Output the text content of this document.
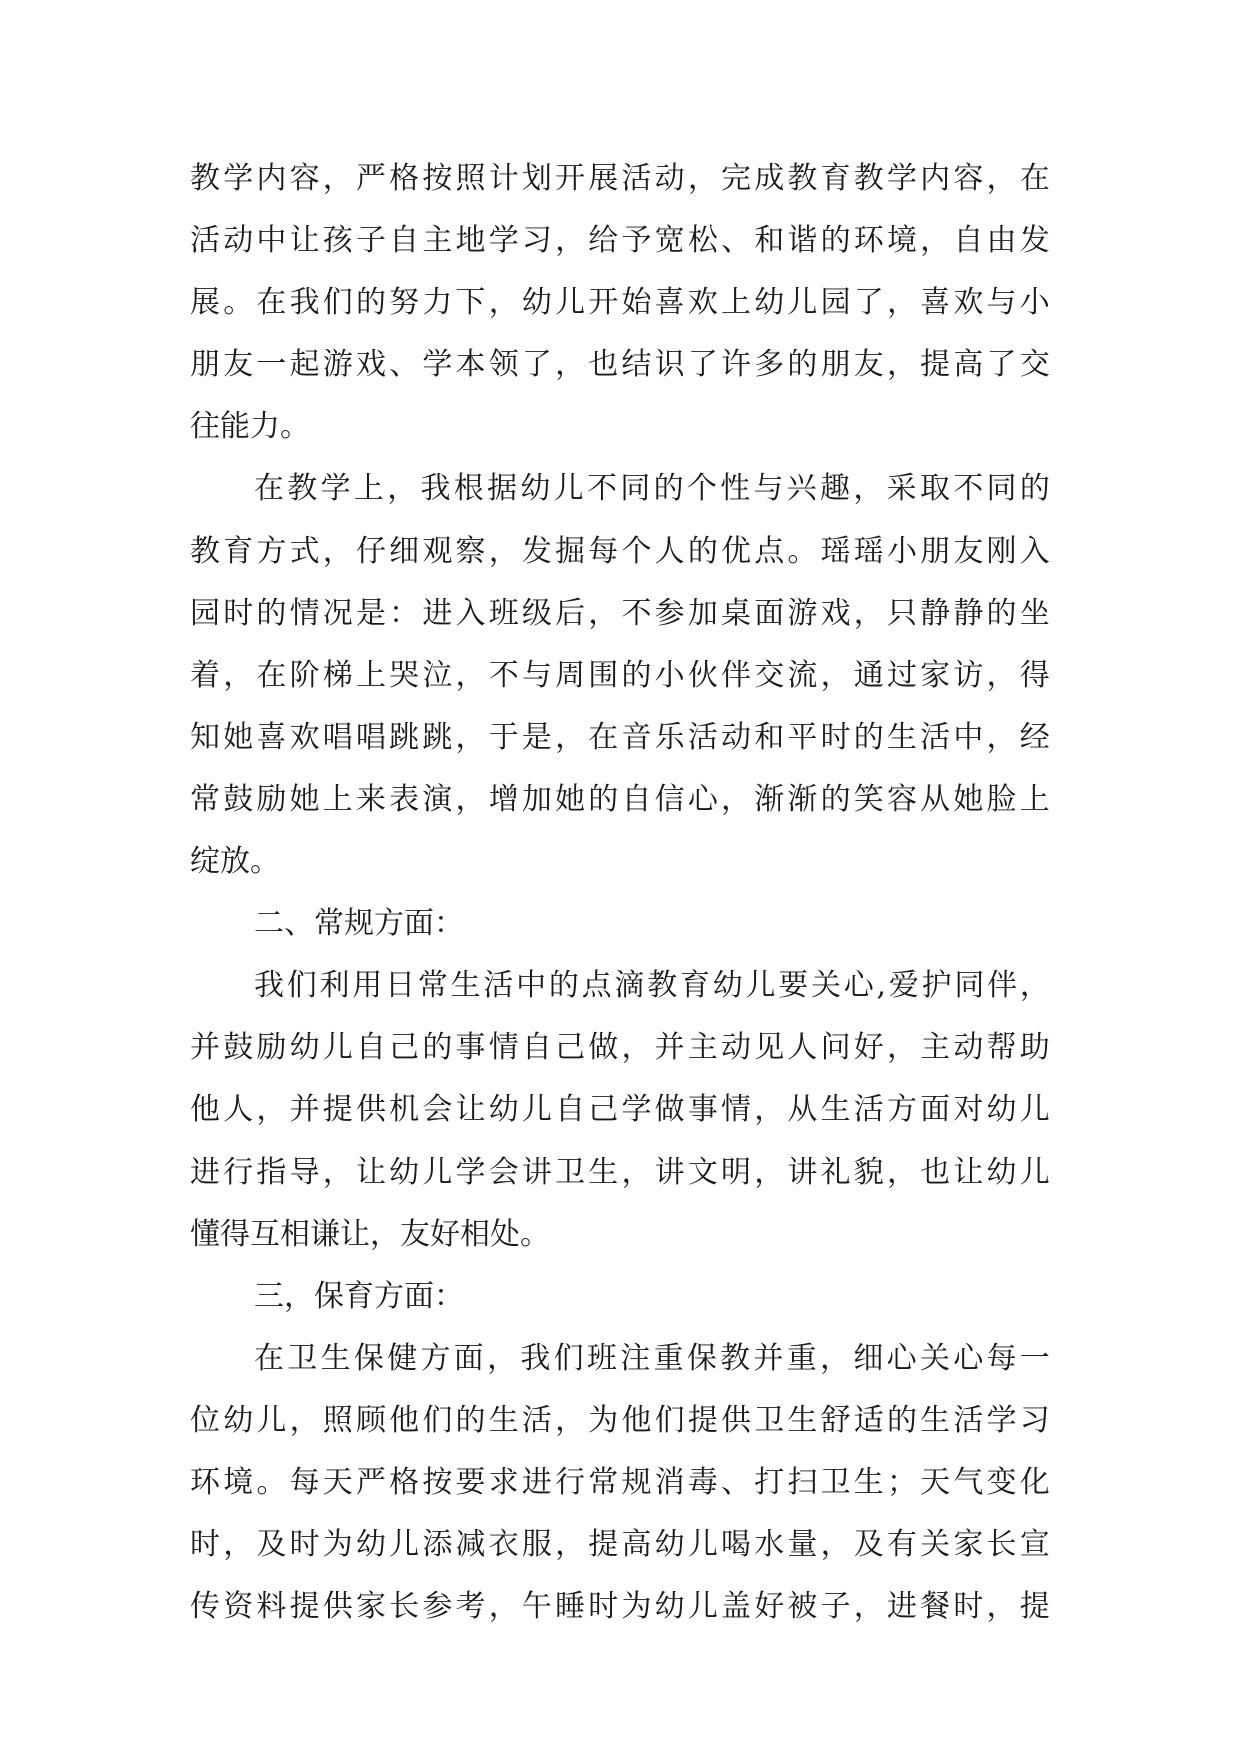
教 学 内 容 ， 严 格 按 照 计 划 开 展 活 动 ， 完 成 教 育 教 学 内 容 ， 在
活 动 中 让 孩 子 自 主 地 学 习 ， 给 予 宽 松 、 和 谐 的 环 境 ， 自 由 发
展 。 在 我 们 的 努 力 下 ， 幼 儿 开 始 喜 欢 上 幼 儿 园 了 ， 喜 欢 与 小
朋 友 一 起 游 戏 、 学 本 领 了 ， 也 结 识 了 许 多 的 朋 友 ， 提 高 了 交
往能力。
在 教 学 上 ， 我 根 据 幼 儿 不 同 的 个 性 与 兴 趣 ， 采 取 不 同 的
教 育 方 式 ， 仔 细 观 察 ， 发 掘 每 个 人 的 优 点 。 瑶 瑶 小 朋 友 刚 入
园 时 的 情 况 是 ： 进 入 班 级 后 ， 不 参 加 桌 面 游 戏 ， 只 静 静 的 坐
着 ， 在 阶 梯 上 哭 泣 ， 不 与 周 围 的 小 伙 伴 交 流 ， 通 过 家 访 ， 得
知 她 喜 欢 唱 唱 跳 跳 ， 于 是 ， 在 音 乐 活 动 和 平 时 的 生 活 中 ， 经
常 鼓 励 她 上 来 表 演 ， 增 加 她 的 自 信 心 ， 渐 渐 的 笑 容 从 她 脸 上
绽放。
二、常规方面：
我 们 利 用 日 常 生 活 中 的 点 滴 教 育 幼 儿 要 关 心 , 爱 护 同 伴 ，
并 鼓 励 幼 儿 自 己 的 事 情 自 己 做 ， 并 主 动 见 人 问 好 ， 主 动 帮 助
他 人 ， 并 提 供 机 会 让 幼 儿 自 己 学 做 事 情 ， 从 生 活 方 面 对 幼 儿
进 行 指 导 ， 让 幼 儿 学 会 讲 卫 生 ， 讲 文 明 ， 讲 礼 貌 ， 也 让 幼 儿
懂得互相谦让，友好相处。
三，保育方面：
在 卫 生 保 健 方 面 ， 我 们 班 注 重 保 教 并 重 ， 细 心 关 心 每 一
位 幼 儿 ， 照 顾 他 们 的 生 活 ， 为 他 们 提 供 卫 生 舒 适 的 生 活 学 习
环 境 。 每 天 严 格 按 要 求 进 行 常 规 消 毒 、 打 扫 卫 生 ； 天 气 变 化
时 ， 及 时 为 幼 儿 添 减 衣 服 ， 提 高 幼 儿 喝 水 量 ， 及 有 关 家 长 宣
传 资 料 提 供 家 长 参 考 ， 午 睡 时 为 幼 儿 盖 好 被 子 ， 进 餐 时 ， 提
